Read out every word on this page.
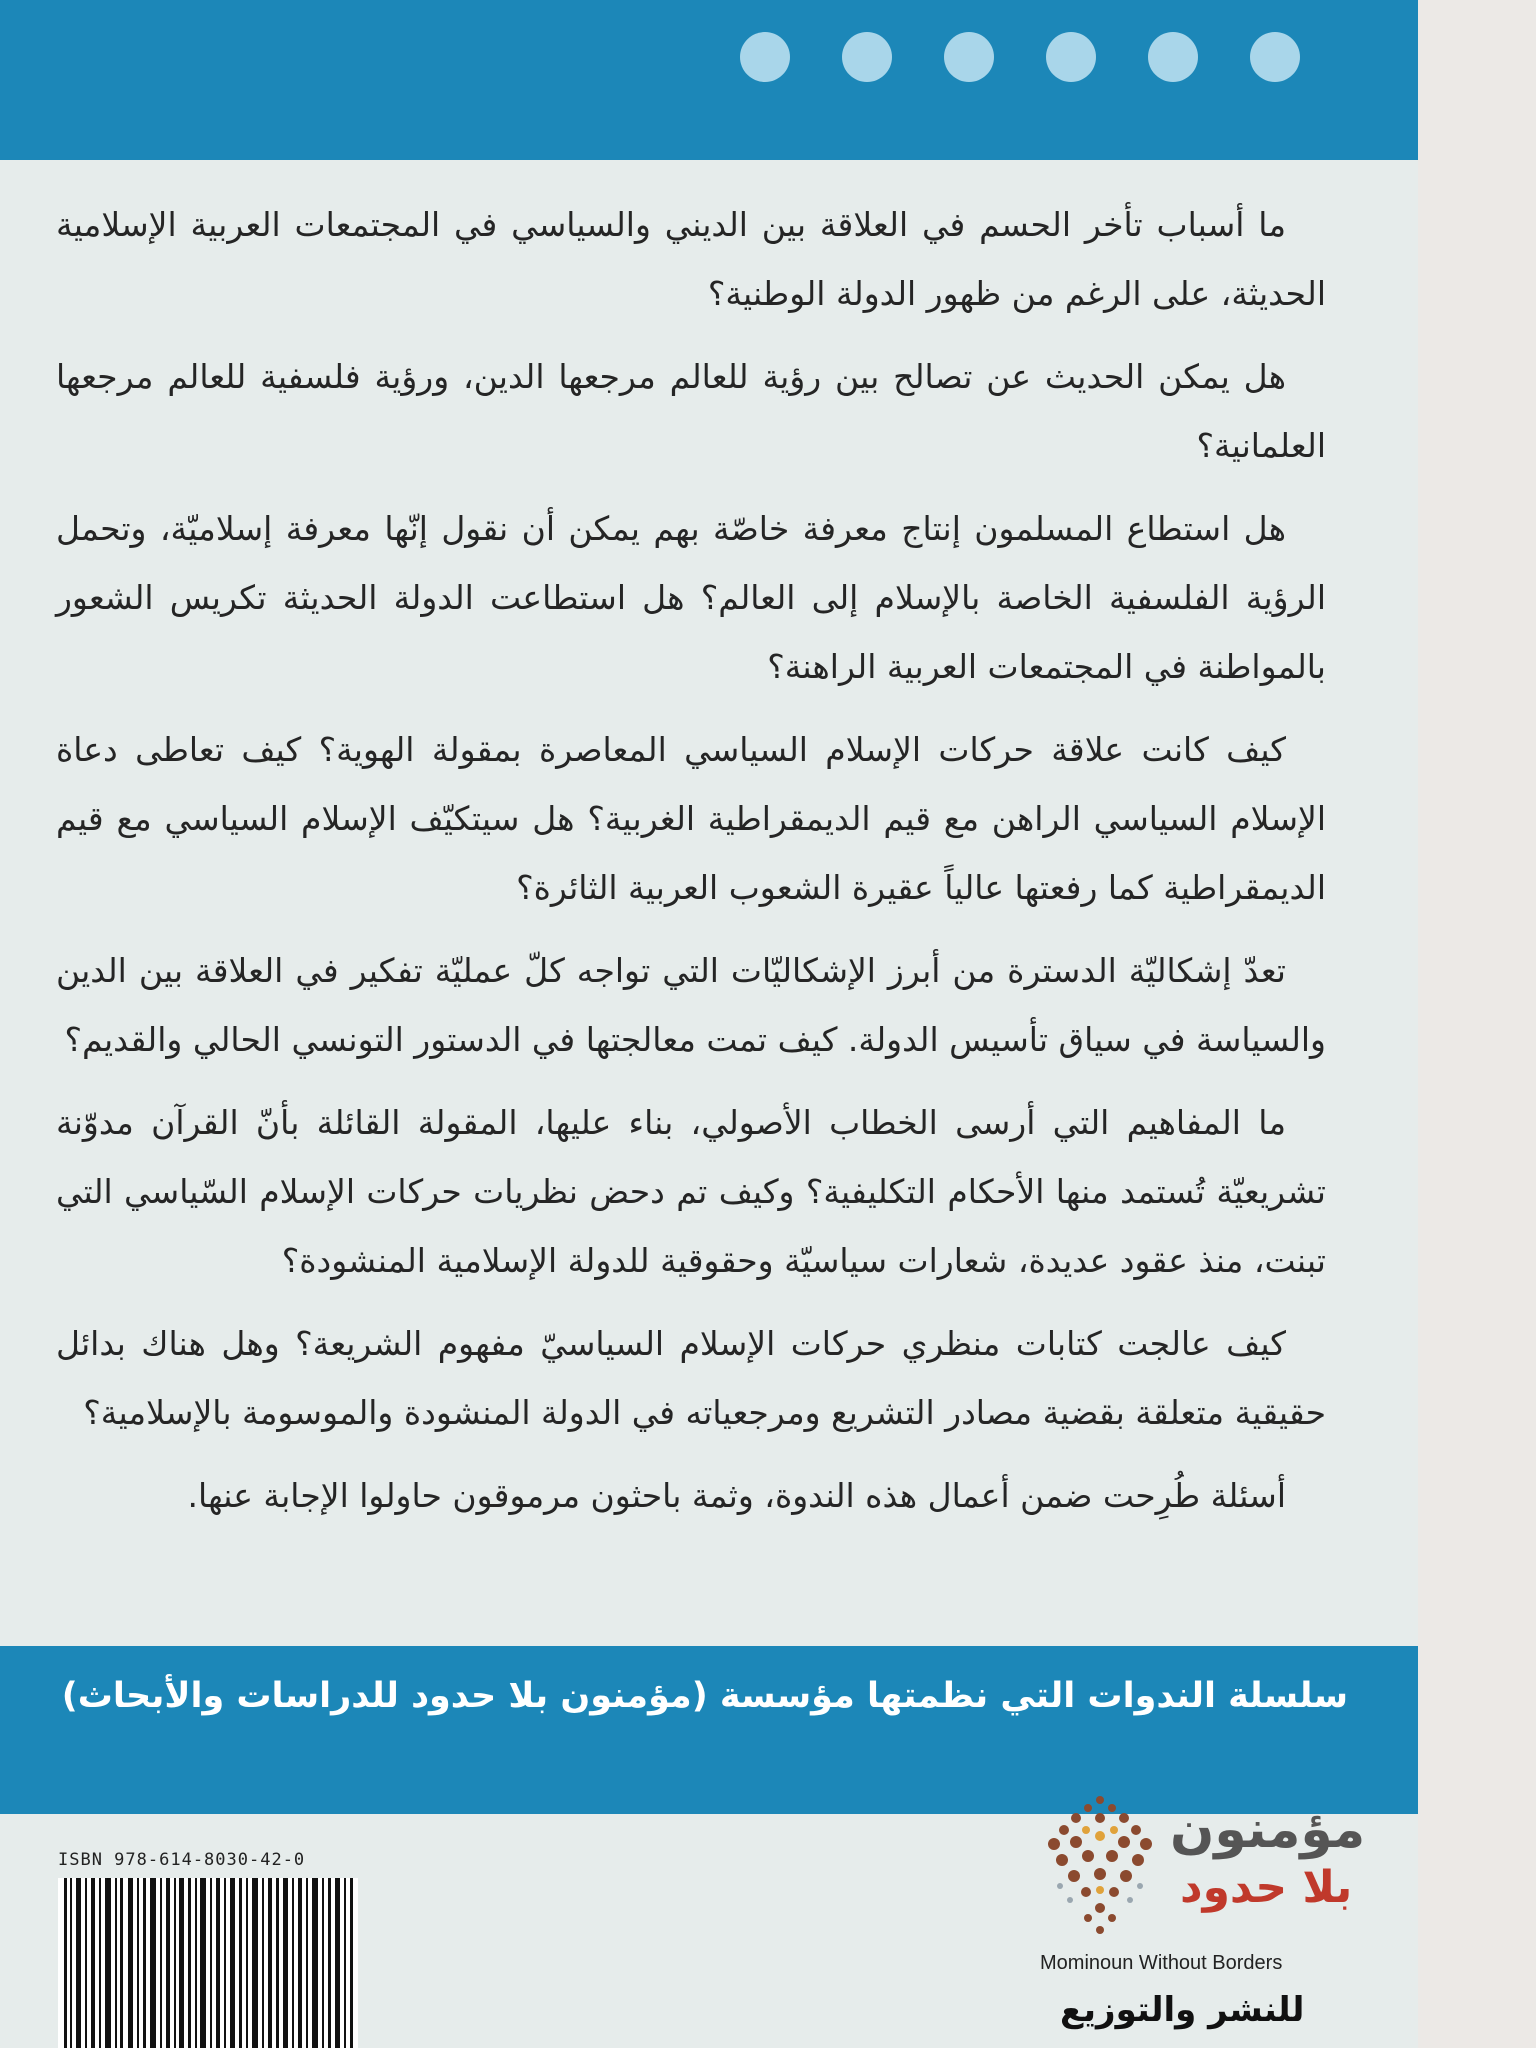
ما أسباب تأخر الحسم في العلاقة بين الديني والسياسي في المجتمعات العربية الإسلامية الحديثة، على الرغم من ظهور الدولة الوطنية؟

هل يمكن الحديث عن تصالح بين رؤية للعالم مرجعها الدين، ورؤية فلسفية للعالم مرجعها العلمانية؟

هل استطاع المسلمون إنتاج معرفة خاصّة بهم يمكن أن نقول إنّها معرفة إسلاميّة، وتحمل الرؤية الفلسفية الخاصة بالإسلام إلى العالم؟ هل استطاعت الدولة الحديثة تكريس الشعور بالمواطنة في المجتمعات العربية الراهنة؟

كيف كانت علاقة حركات الإسلام السياسي المعاصرة بمقولة الهوية؟ كيف تعاطى دعاة الإسلام السياسي الراهن مع قيم الديمقراطية الغربية؟ هل سيتكيّف الإسلام السياسي مع قيم الديمقراطية كما رفعتها عالياً عقيرة الشعوب العربية الثائرة؟

تعدّ إشكاليّة الدسترة من أبرز الإشكاليّات التي تواجه كلّ عمليّة تفكير في العلاقة بين الدين والسياسة في سياق تأسيس الدولة. كيف تمت معالجتها في الدستور التونسي الحالي والقديم؟

ما المفاهيم التي أرسى الخطاب الأصولي، بناء عليها، المقولة القائلة بأنّ القرآن مدوّنة تشريعيّة تُستمد منها الأحكام التكليفية؟ وكيف تم دحض نظريات حركات الإسلام السّياسي التي تبنت، منذ عقود عديدة، شعارات سياسيّة وحقوقية للدولة الإسلامية المنشودة؟

كيف عالجت كتابات منظري حركات الإسلام السياسيّ مفهوم الشريعة؟ وهل هناك بدائل حقيقية متعلقة بقضية مصادر التشريع ومرجعياته في الدولة المنشودة والموسومة بالإسلامية؟

أسئلة طُرِحت ضمن أعمال هذه الندوة، وثمة باحثون مرموقون حاولوا الإجابة عنها.

سلسلة الندوات التي نظمتها مؤسسة (مؤمنون بلا حدود للدراسات والأبحاث)
ISBN 978-614-8030-42-0	مؤمنون
بلا حدود
Mominoun Without Borders
للنشر والتوزيع
